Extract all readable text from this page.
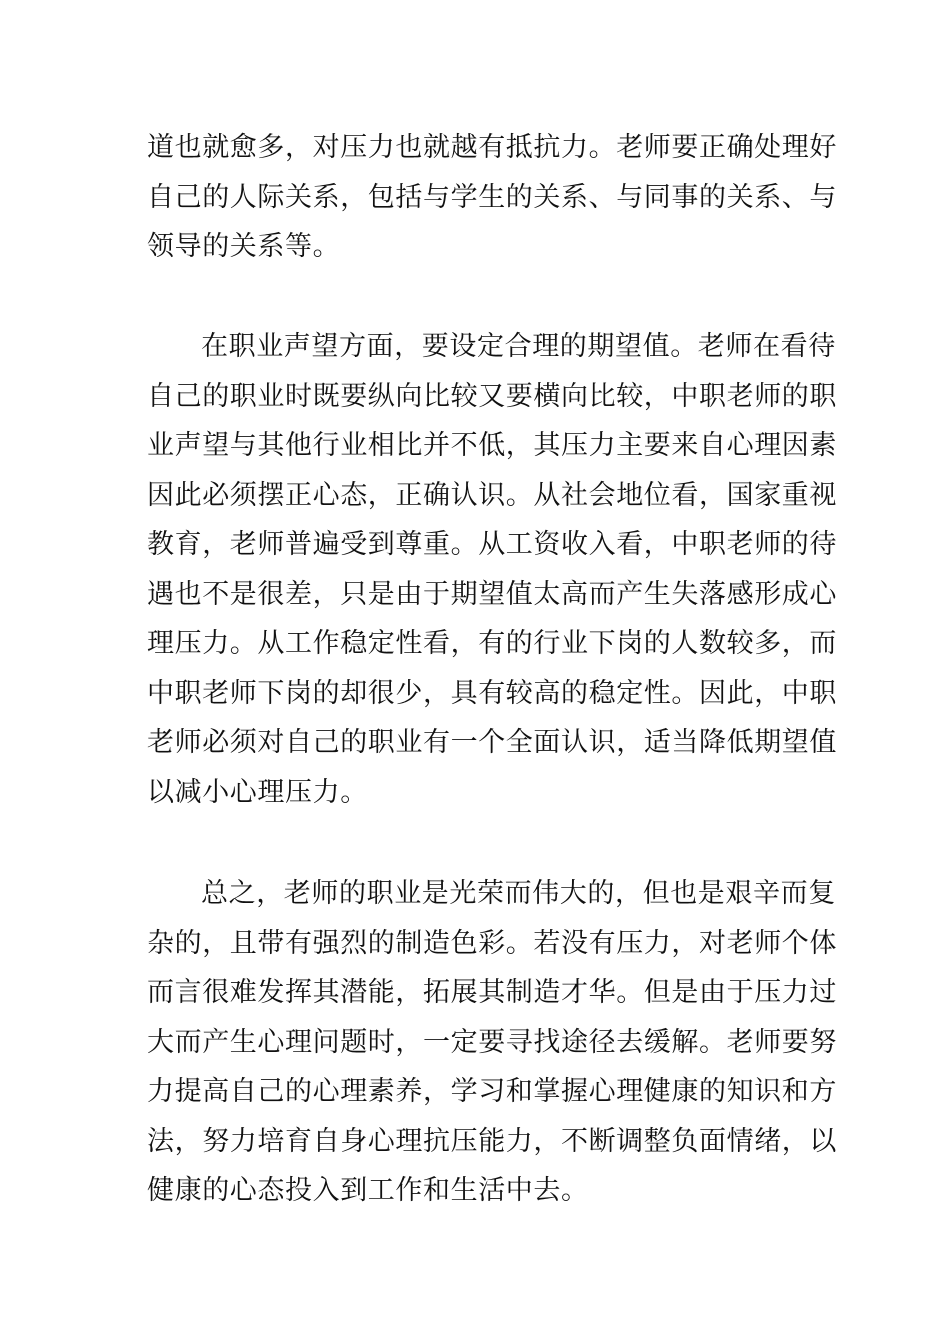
道也就愈多，对压力也就越有抵抗力。老师要正确处理好
自己的人际关系，包括与学生的关系、与同事的关系、与
领导的关系等。
在职业声望方面，要设定合理的期望值。老师在看待
自己的职业时既要纵向比较又要横向比较，中职老师的职
业声望与其他行业相比并不低，其压力主要来自心理因素
因此必须摆正心态，正确认识。从社会地位看，国家重视
教育，老师普遍受到尊重。从工资收入看，中职老师的待
遇也不是很差，只是由于期望值太高而产生失落感形成心
理压力。从工作稳定性看，有的行业下岗的人数较多，而
中职老师下岗的却很少，具有较高的稳定性。因此，中职
老师必须对自己的职业有一个全面认识，适当降低期望值
以减小心理压力。
总之，老师的职业是光荣而伟大的，但也是艰辛而复
杂的，且带有强烈的制造色彩。若没有压力，对老师个体
而言很难发挥其潜能，拓展其制造才华。但是由于压力过
大而产生心理问题时，一定要寻找途径去缓解。老师要努
力提高自己的心理素养，学习和掌握心理健康的知识和方
法，努力培育自身心理抗压能力，不断调整负面情绪，以
健康的心态投入到工作和生活中去。
